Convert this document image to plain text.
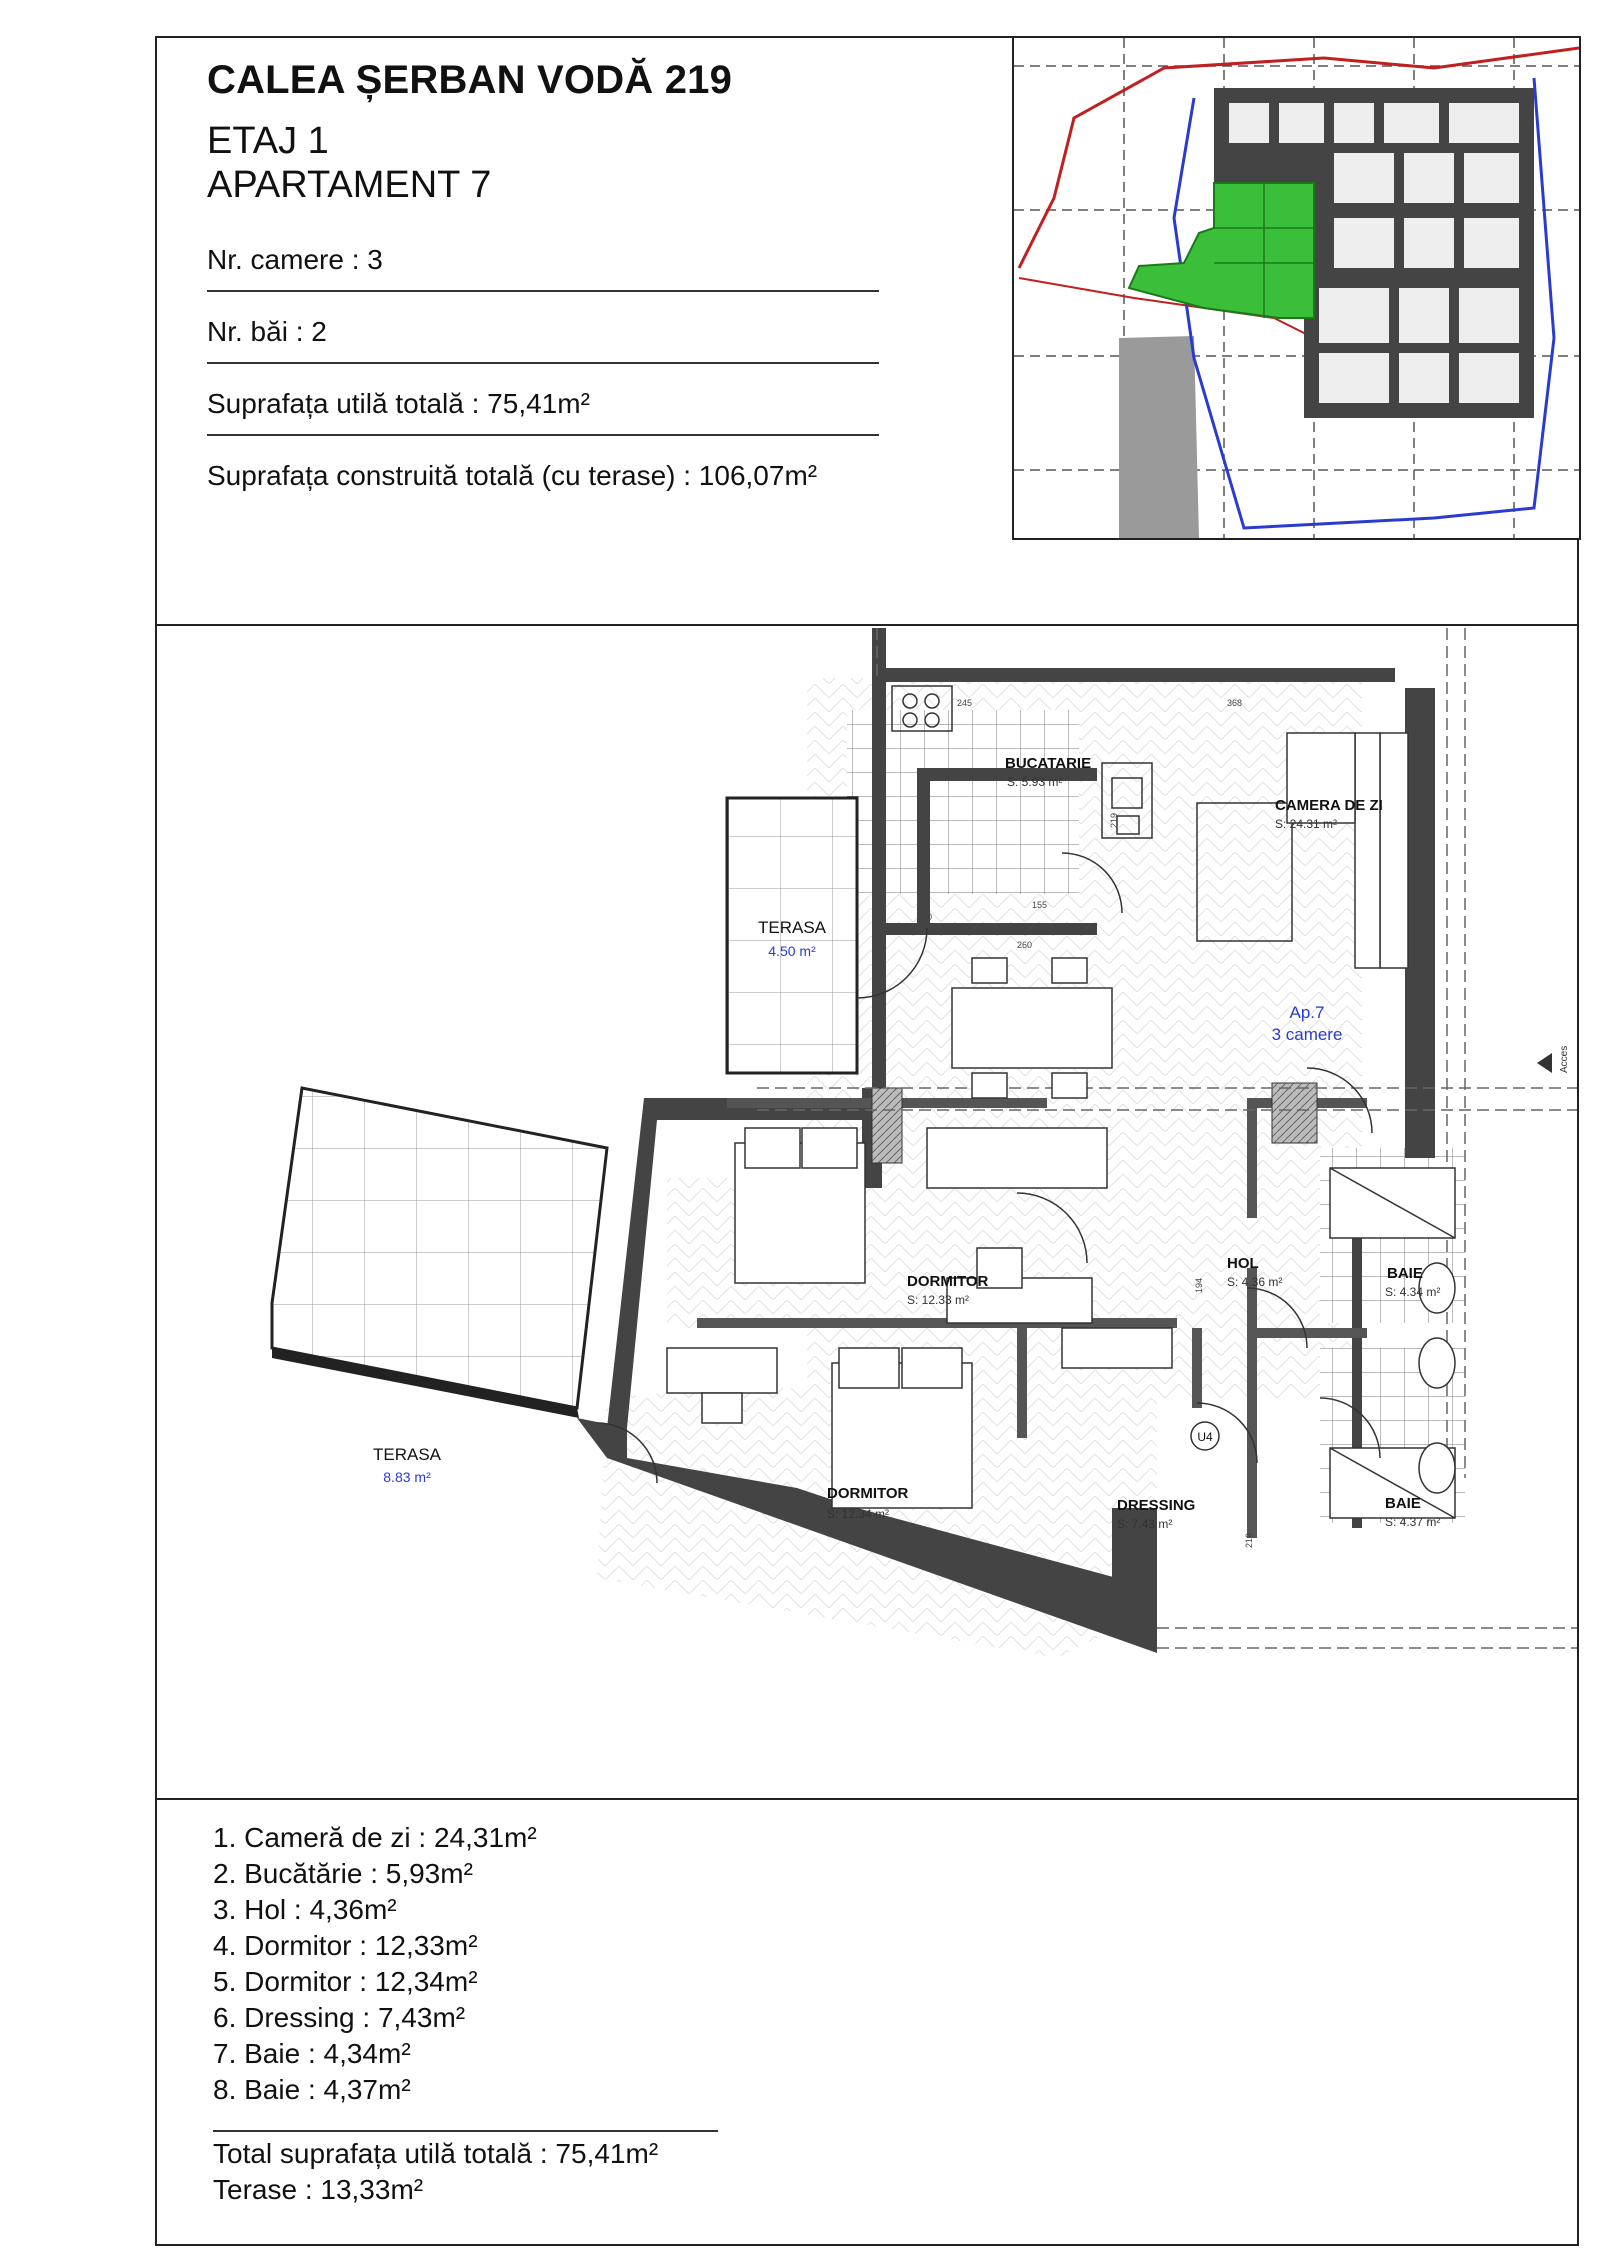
CALEA ȘERBAN VODĂ 219
ETAJ 1
APARTAMENT 7
Nr. camere : 3
Nr. băi : 2
Suprafața utilă totală : 75,41m²
Suprafața construită totală (cu terase) : 106,07m²
BUCATARIE
CAMERA DE ZI
DORMITOR
DORMITOR
HOL
DRESSING
BAIE
BAIE
S: 5.93 m²
S: 24.31 m²
S: 12.33 m²
S: 12.34 m²
S: 4.36 m²
S: 7.43 m²
S: 4.34 m²
S: 4.37 m²
TERASA
4.50 m²
TERASA
8.83 m²
Ap.7
3 camere
U4
Acces
245	368
260
80
210
155
219
194
219
1. Cameră de zi : 24,31m²
2. Bucătărie : 5,93m²
3. Hol : 4,36m²
4. Dormitor : 12,33m²
5. Dormitor : 12,34m²
6. Dressing : 7,43m²
7. Baie : 4,34m²
8. Baie : 4,37m²
Total suprafața utilă totală : 75,41m²
Terase : 13,33m²
